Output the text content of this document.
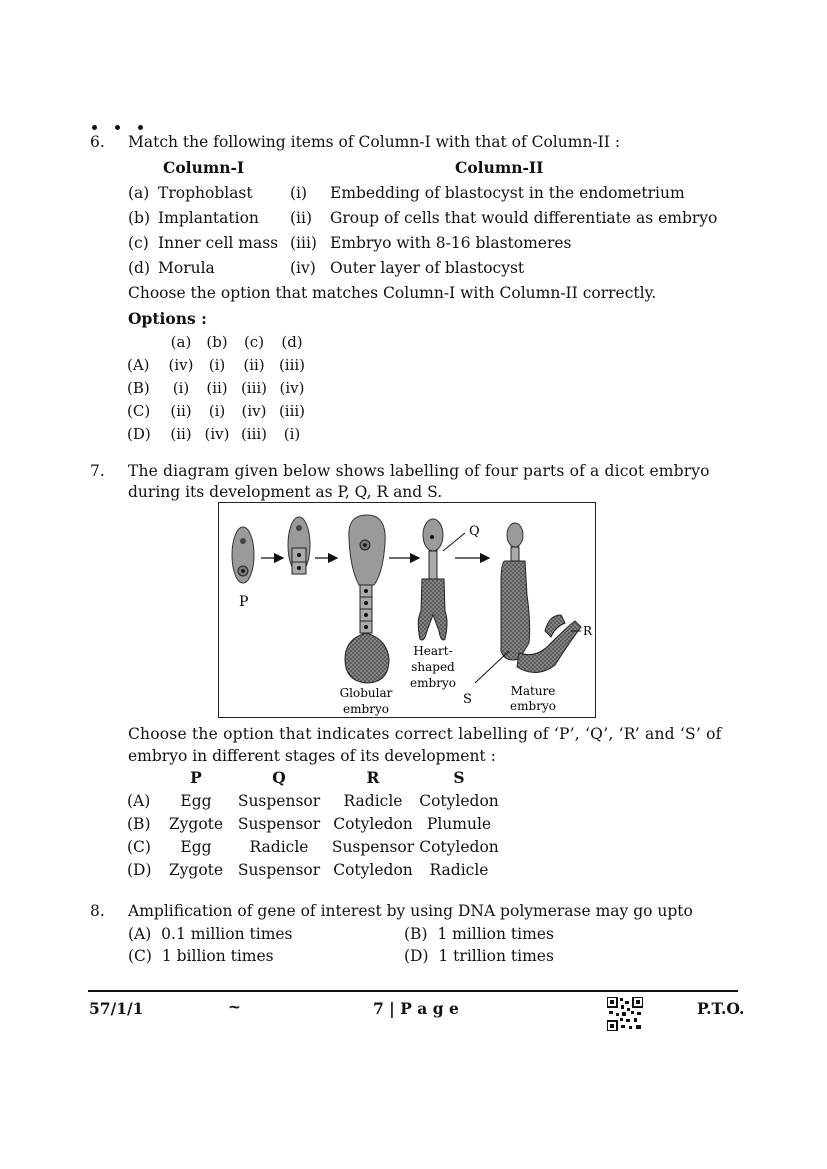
6. Match the following items of Column-I with that of Column-II :
Column-I	Column-II
(a)	Trophoblast	(i)	Embedding of blastocyst in the endometrium
(b)	Implantation	(ii)	Group of cells that would differentiate as embryo
(c)	Inner cell mass	(iii)	Embryo with 8-16 blastomeres
(d)	Morula	(iv)	Outer layer of blastocyst
Choose the option that matches Column-I with Column-II correctly.
Options :
	(a)	(b)	(c)	(d)
(A)	(iv)	(i)	(ii)	(iii)
(B)	(i)	(ii)	(iii)	(iv)
(C)	(ii)	(i)	(iv)	(iii)
(D)	(ii)	(iv)	(iii)	(i)
7. The diagram given below shows labelling of four parts of a dicot embryo
during its development as P, Q, R and S.
P
Q
R
S
Globular
embryo
Heart-
shaped
embryo
Mature
embryo
Choose the option that indicates correct labelling of ‘P’, ‘Q’, ‘R’ and ‘S’ of
embryo in different stages of its development :
	P	Q	R	S
(A)	Egg	Suspensor	Radicle	Cotyledon
(B)	Zygote	Suspensor	Cotyledon	Plumule
(C)	Egg	Radicle	Suspensor	Cotyledon
(D)	Zygote	Suspensor	Cotyledon	Radicle
8. Amplification of gene of interest by using DNA polymerase may go upto
(A) 0.1 million times	(B) 1 million times
(C) 1 billion times	(D) 1 trillion times
57/1/1	~	7 | P a g e	P.T.O.
